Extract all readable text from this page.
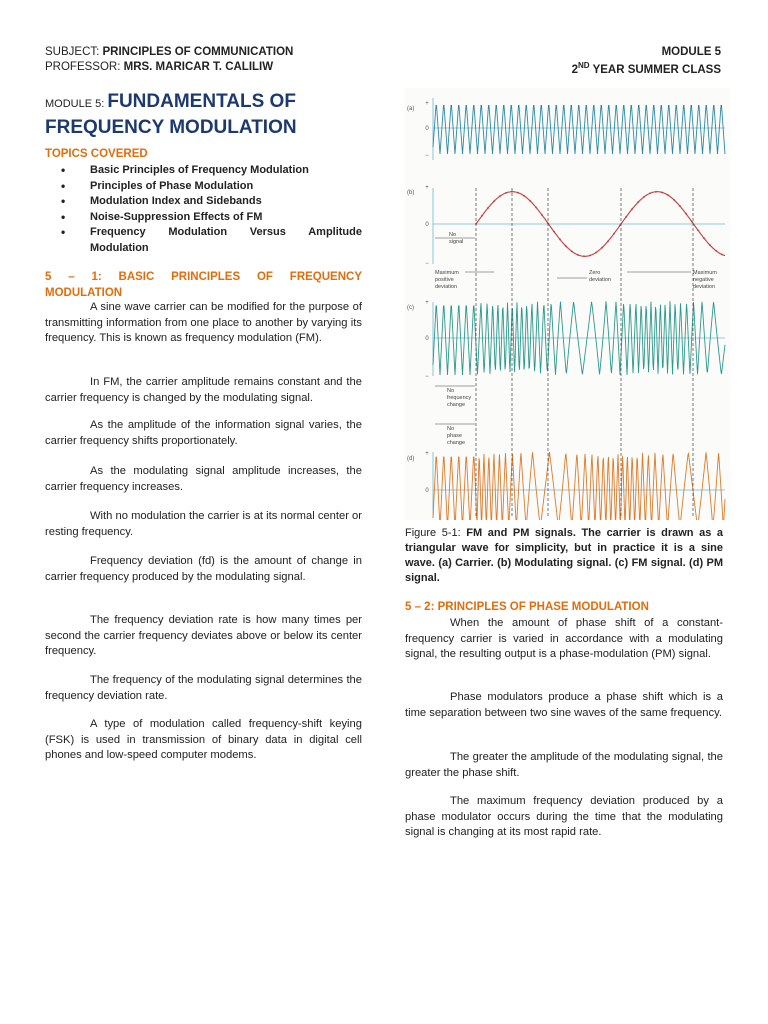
SUBJECT: PRINCIPLES OF COMMUNICATION
PROFESSOR: MRS. MARICAR T. CALILIW
MODULE 5
2ND YEAR SUMMER CLASS
MODULE 5: FUNDAMENTALS OF
FREQUENCY MODULATION
TOPICS COVERED
• Basic Principles of Frequency Modulation
• Principles of Phase Modulation
• Modulation Index and Sidebands
• Noise-Suppression Effects of FM
• Frequency Modulation Versus Amplitude Modulation
5 – 1: BASIC PRINCIPLES OF FREQUENCY MODULATION

A sine wave carrier can be modified for the purpose of transmitting information from one place to another by varying its frequency. This is known as frequency modulation (FM).

In FM, the carrier amplitude remains constant and the carrier frequency is changed by the modulating signal.

As the amplitude of the information signal varies, the carrier frequency shifts proportionately.

As the modulating signal amplitude increases, the carrier frequency increases.

With no modulation the carrier is at its normal center or resting frequency.

Frequency deviation (fd) is the amount of change in carrier frequency produced by the modulating signal.

The frequency deviation rate is how many times per second the carrier frequency deviates above or below its center frequency.

The frequency of the modulating signal determines the frequency deviation rate.

A type of modulation called frequency-shift keying (FSK) is used in transmission of binary data in digital cell phones and low-speed computer modems.

(a)
+
0
−
(b)
+
0
−
(c)
+
0
−
(d)
+
0
No
signal
Maximum
positive
deviation
Zero
deviation
Maximum
negative
deviation
No
frequency
change
No
phase
change
Figure 5-1: FM and PM signals. The carrier is drawn as a triangular wave for simplicity, but in practice it is a sine wave. (a) Carrier. (b) Modulating signal. (c) FM signal. (d) PM signal.
5 – 2: PRINCIPLES OF PHASE MODULATION

When the amount of phase shift of a constant-frequency carrier is varied in accordance with a modulating signal, the resulting output is a phase-modulation (PM) signal.

Phase modulators produce a phase shift which is a time separation between two sine waves of the same frequency.

The greater the amplitude of the modulating signal, the greater the phase shift.

The maximum frequency deviation produced by a phase modulator occurs during the time that the modulating signal is changing at its most rapid rate.
